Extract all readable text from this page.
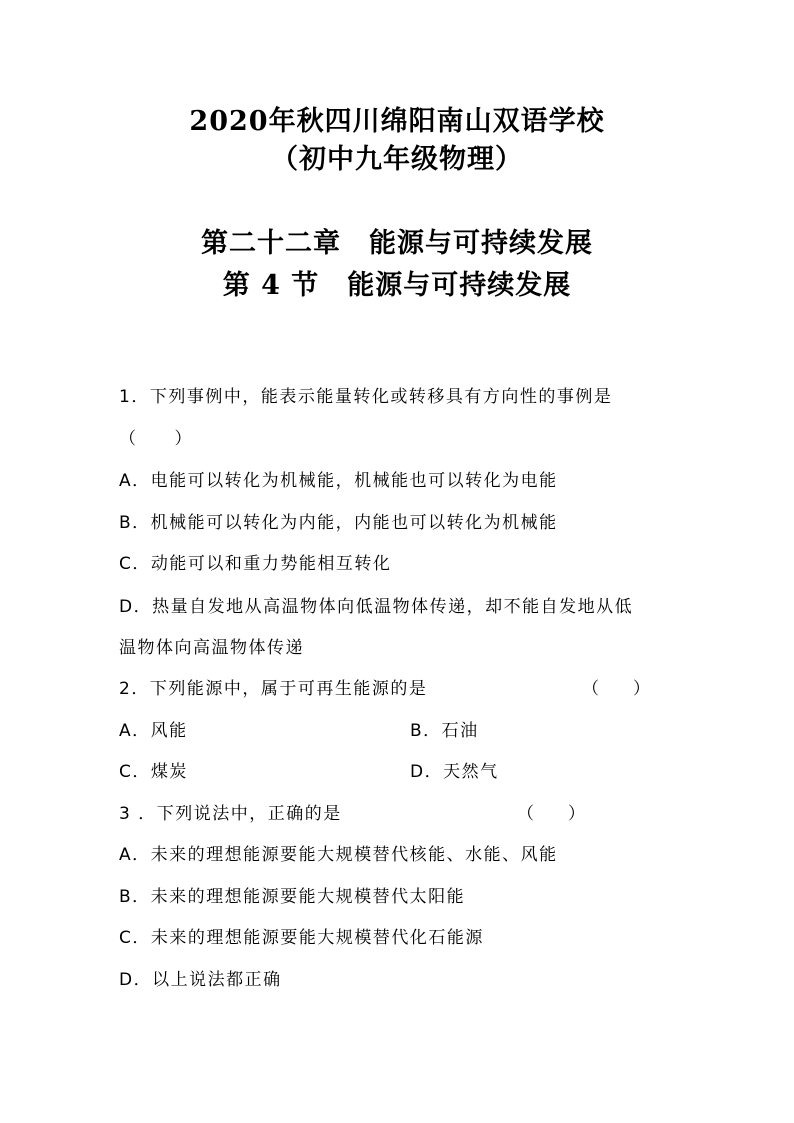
2020年秋四川绵阳南山双语学校
（初中九年级物理）
第二十二章　能源与可持续发展
第 4 节　能源与可持续发展
1．下列事例中，能表示能量转化或转移具有方向性的事例是
（　　）
A．电能可以转化为机械能，机械能也可以转化为电能
B．机械能可以转化为内能，内能也可以转化为机械能
C．动能可以和重力势能相互转化
D．热量自发地从高温物体向低温物体传递，却不能自发地从低
温物体向高温物体传递
2．下列能源中，属于可再生能源的是	（　　）
A．风能	B．石油
C．煤炭	D．天然气
3 ．下列说法中，正确的是	（　　）
A．未来的理想能源要能大规模替代核能、水能、风能
B．未来的理想能源要能大规模替代太阳能
C．未来的理想能源要能大规模替代化石能源
D．以上说法都正确
